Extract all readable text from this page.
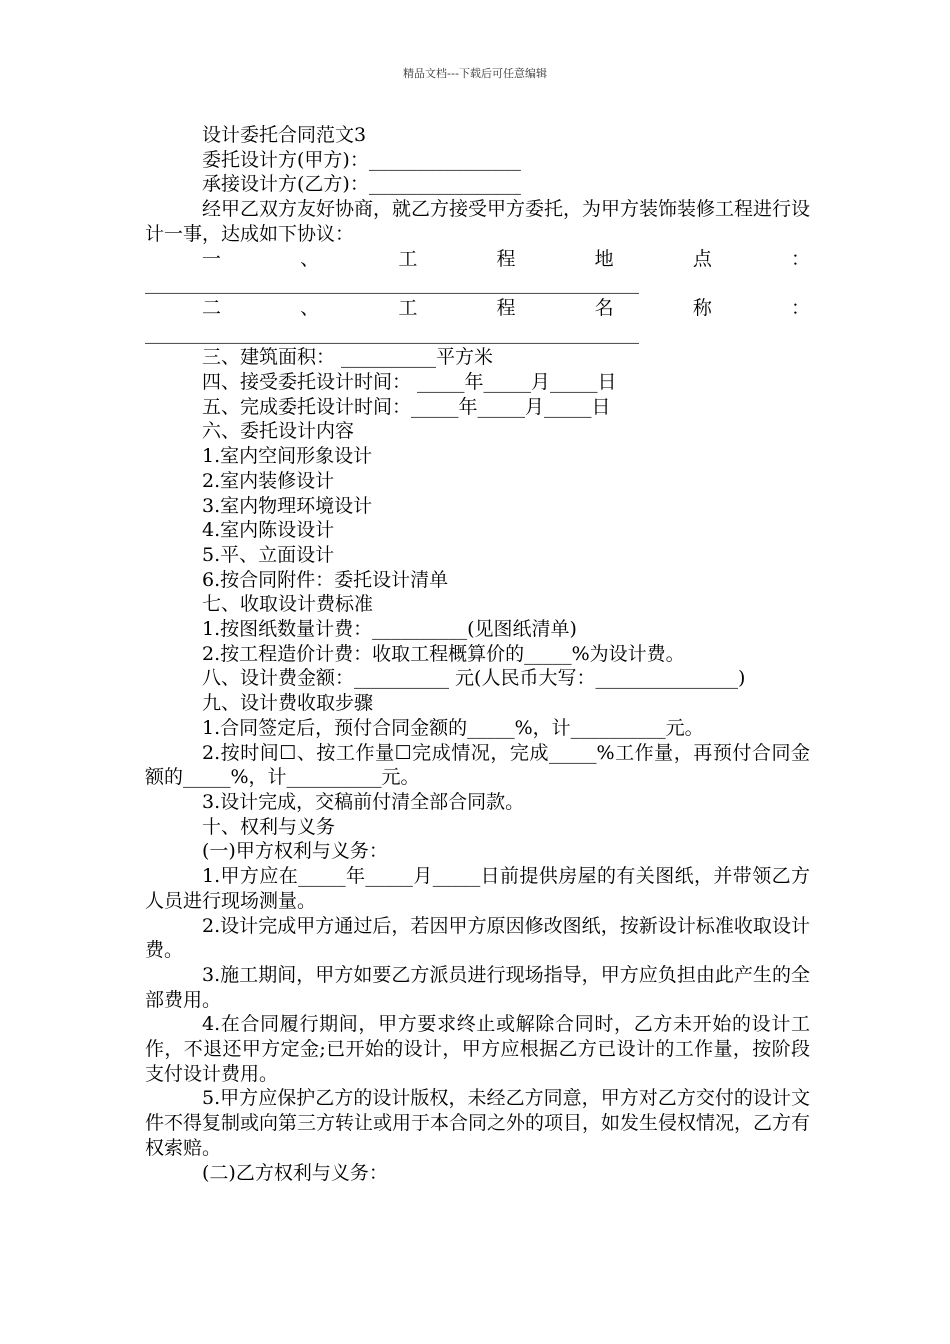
精品文档---下载后可任意编辑

设计委托合同范文3

委托设计方(甲方)：________________

承接设计方(乙方)：________________

经甲乙双方友好协商，就乙方接受甲方委托，为甲方装饰装修工程进行设计一事，达成如下协议：

一、工程地点： ____________________________________________________

二、工程名称： ____________________________________________________

三、建筑面积： __________平方米

四、接受委托设计时间： _____年_____月_____日

五、完成委托设计时间：_____年_____月_____日

六、委托设计内容

1.室内空间形象设计

2.室内装修设计

3.室内物理环境设计

4.室内陈设设计

5.平、立面设计

6.按合同附件：委托设计清单

七、收取设计费标准

1.按图纸数量计费：__________(见图纸清单)

2.按工程造价计费：收取工程概算价的_____%为设计费。

八、设计费金额：__________ 元(人民币大写：_______________)

九、设计费收取步骤

1.合同签定后，预付合同金额的_____%，计__________元。

2.按时间☐、按工作量☐完成情况，完成_____%工作量，再预付合同金额的_____%，计__________元。

3.设计完成，交稿前付清全部合同款。

十、权利与义务

(一)甲方权利与义务：

1.甲方应在_____年_____月_____日前提供房屋的有关图纸，并带领乙方人员进行现场测量。

2.设计完成甲方通过后，若因甲方原因修改图纸，按新设计标准收取设计费。

3.施工期间，甲方如要乙方派员进行现场指导，甲方应负担由此产生的全部费用。

4.在合同履行期间，甲方要求终止或解除合同时，乙方未开始的设计工作，不退还甲方定金;已开始的设计，甲方应根据乙方已设计的工作量，按阶段支付设计费用。

5.甲方应保护乙方的设计版权，未经乙方同意，甲方对乙方交付的设计文件不得复制或向第三方转让或用于本合同之外的项目，如发生侵权情况，乙方有权索赔。

(二)乙方权利与义务：
